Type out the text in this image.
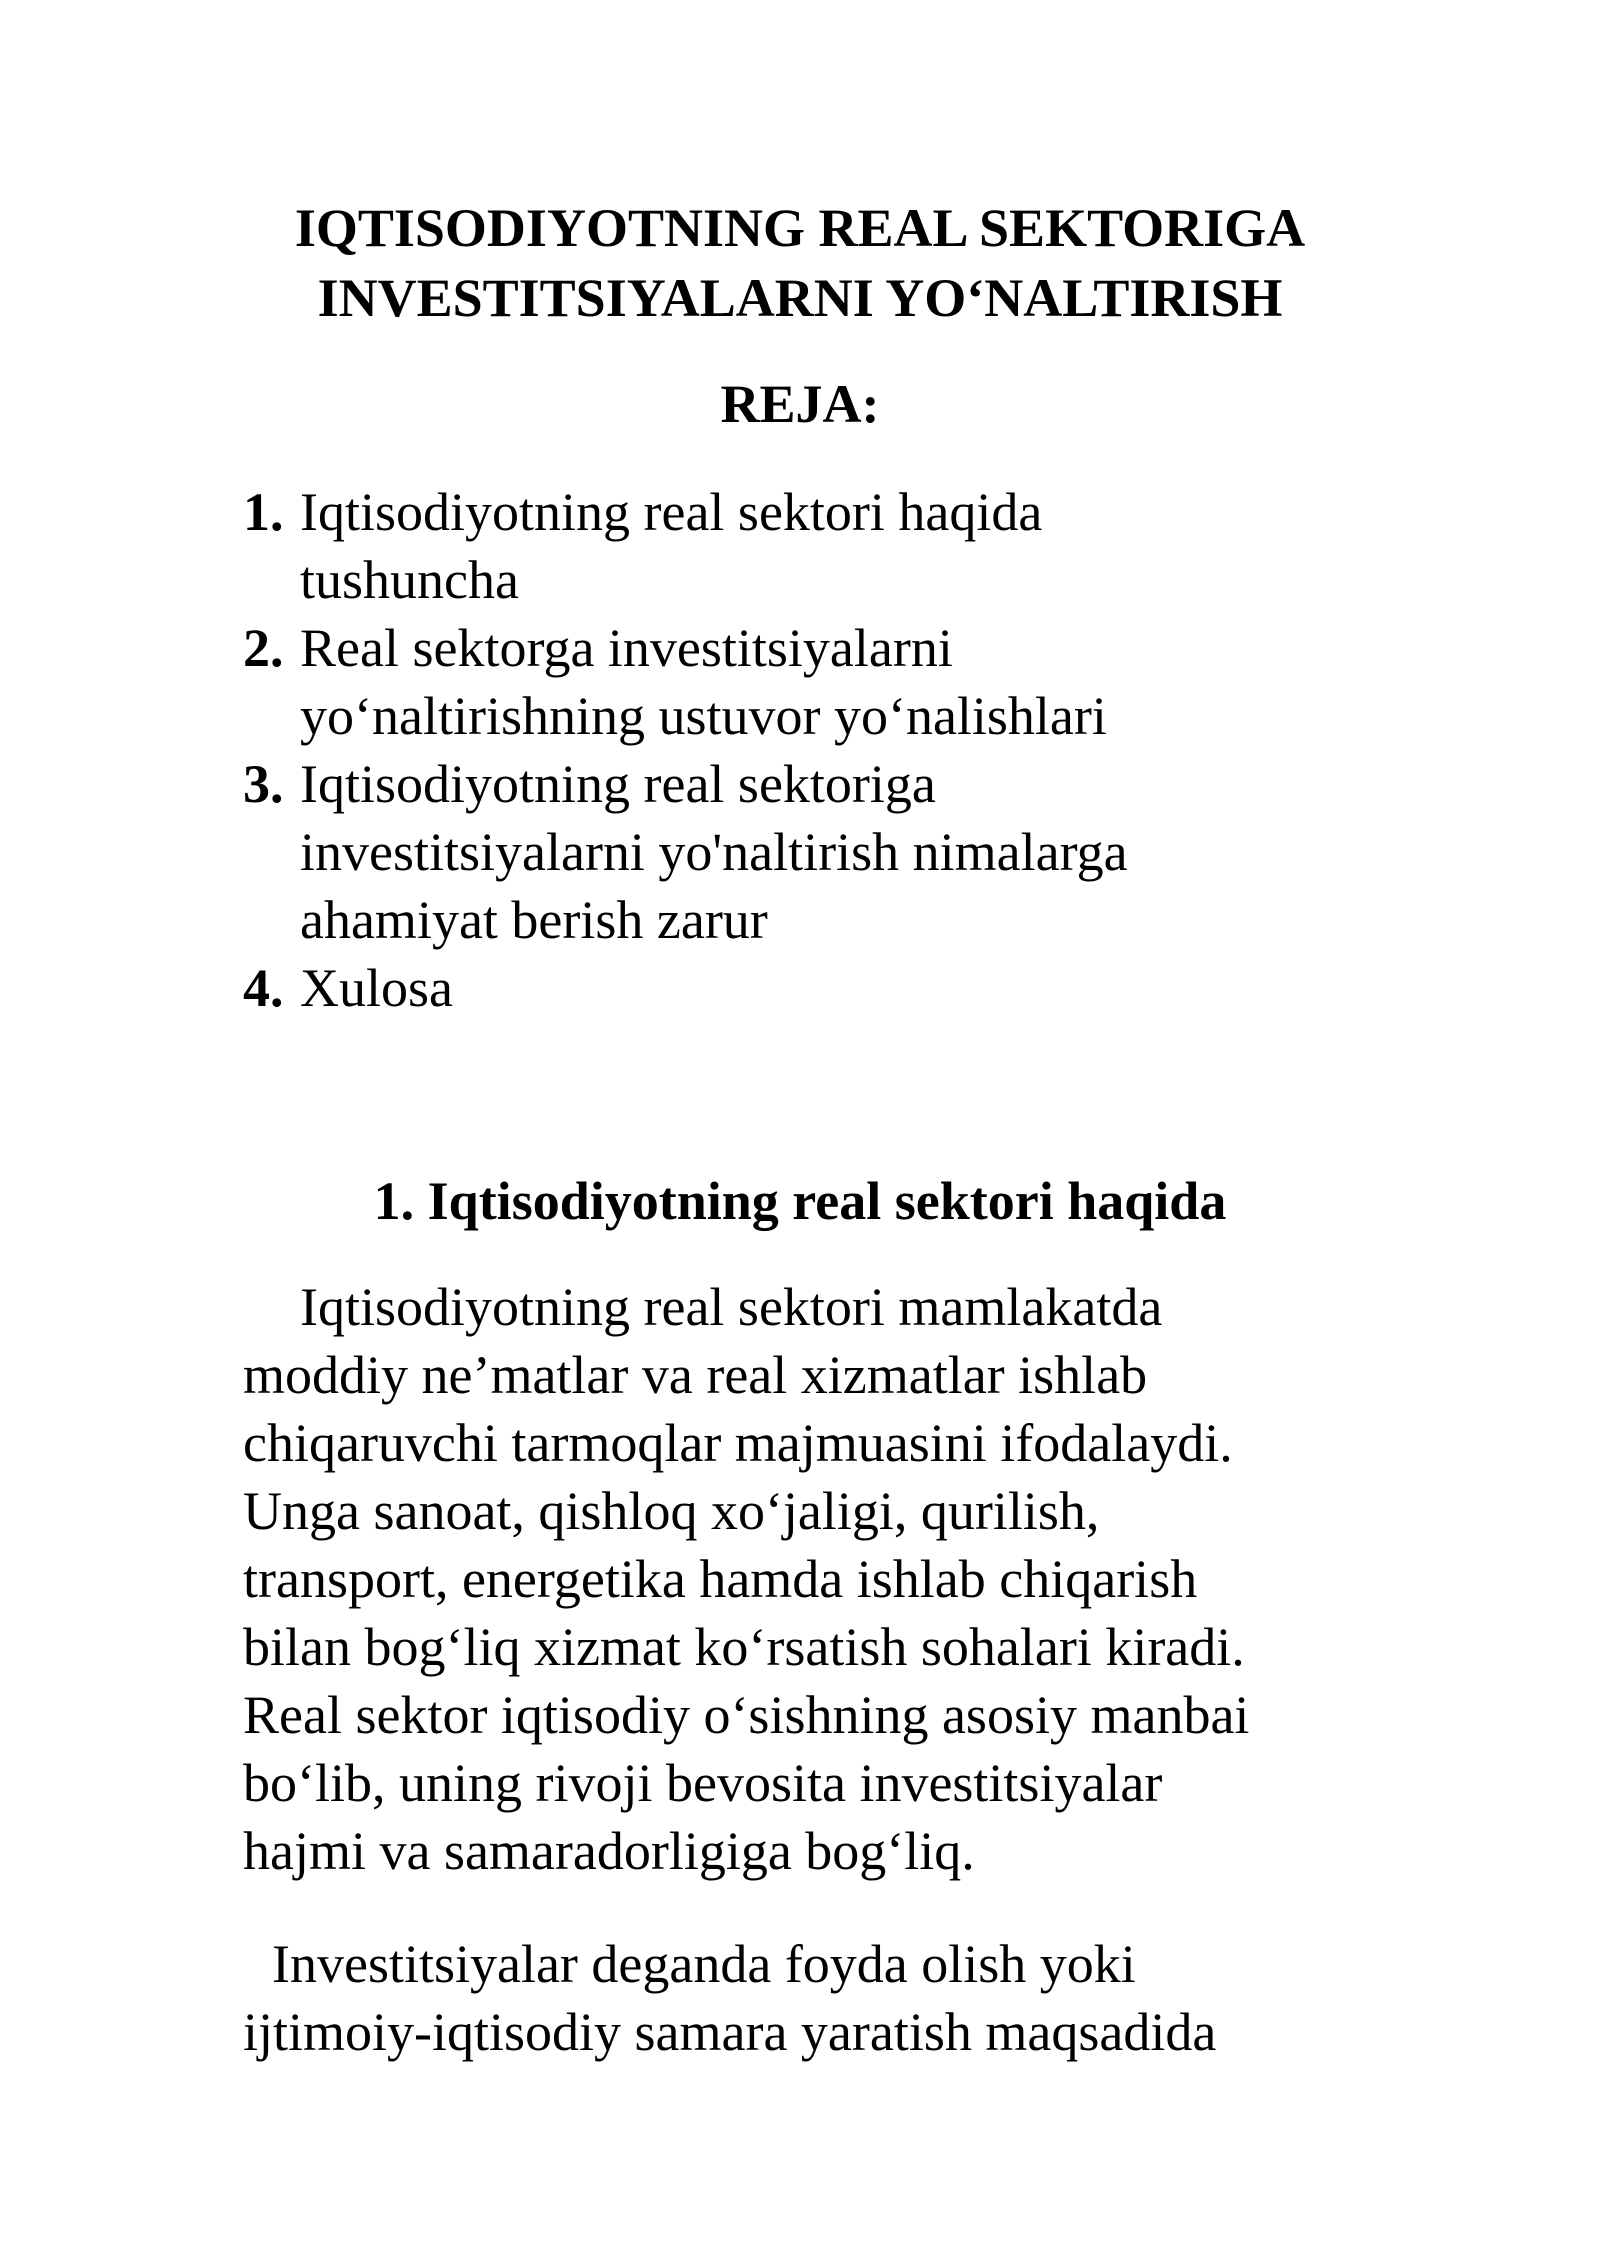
IQTISODIYOTNING REAL SEKTORIGA
INVESTITSIYALARNI YO‘NALTIRISH
REJA:
1. Iqtisodiyotning real sektori haqida
tushuncha
2. Real sektorga investitsiyalarni
yo‘naltirishning ustuvor yo‘nalishlari
3. Iqtisodiyotning real sektoriga
investitsiyalarni yo'naltirish nimalarga
ahamiyat berish zarur
4. Xulosa
1. Iqtisodiyotning real sektori haqida
Iqtisodiyotning real sektori mamlakatda
moddiy ne’matlar va real xizmatlar ishlab
chiqaruvchi tarmoqlar majmuasini ifodalaydi.
Unga sanoat, qishloq xo‘jaligi, qurilish,
transport, energetika hamda ishlab chiqarish
bilan bog‘liq xizmat ko‘rsatish sohalari kiradi.
Real sektor iqtisodiy o‘sishning asosiy manbai
bo‘lib, uning rivoji bevosita investitsiyalar
hajmi va samaradorligiga bog‘liq.
Investitsiyalar deganda foyda olish yoki
ijtimoiy-iqtisodiy samara yaratish maqsadida
